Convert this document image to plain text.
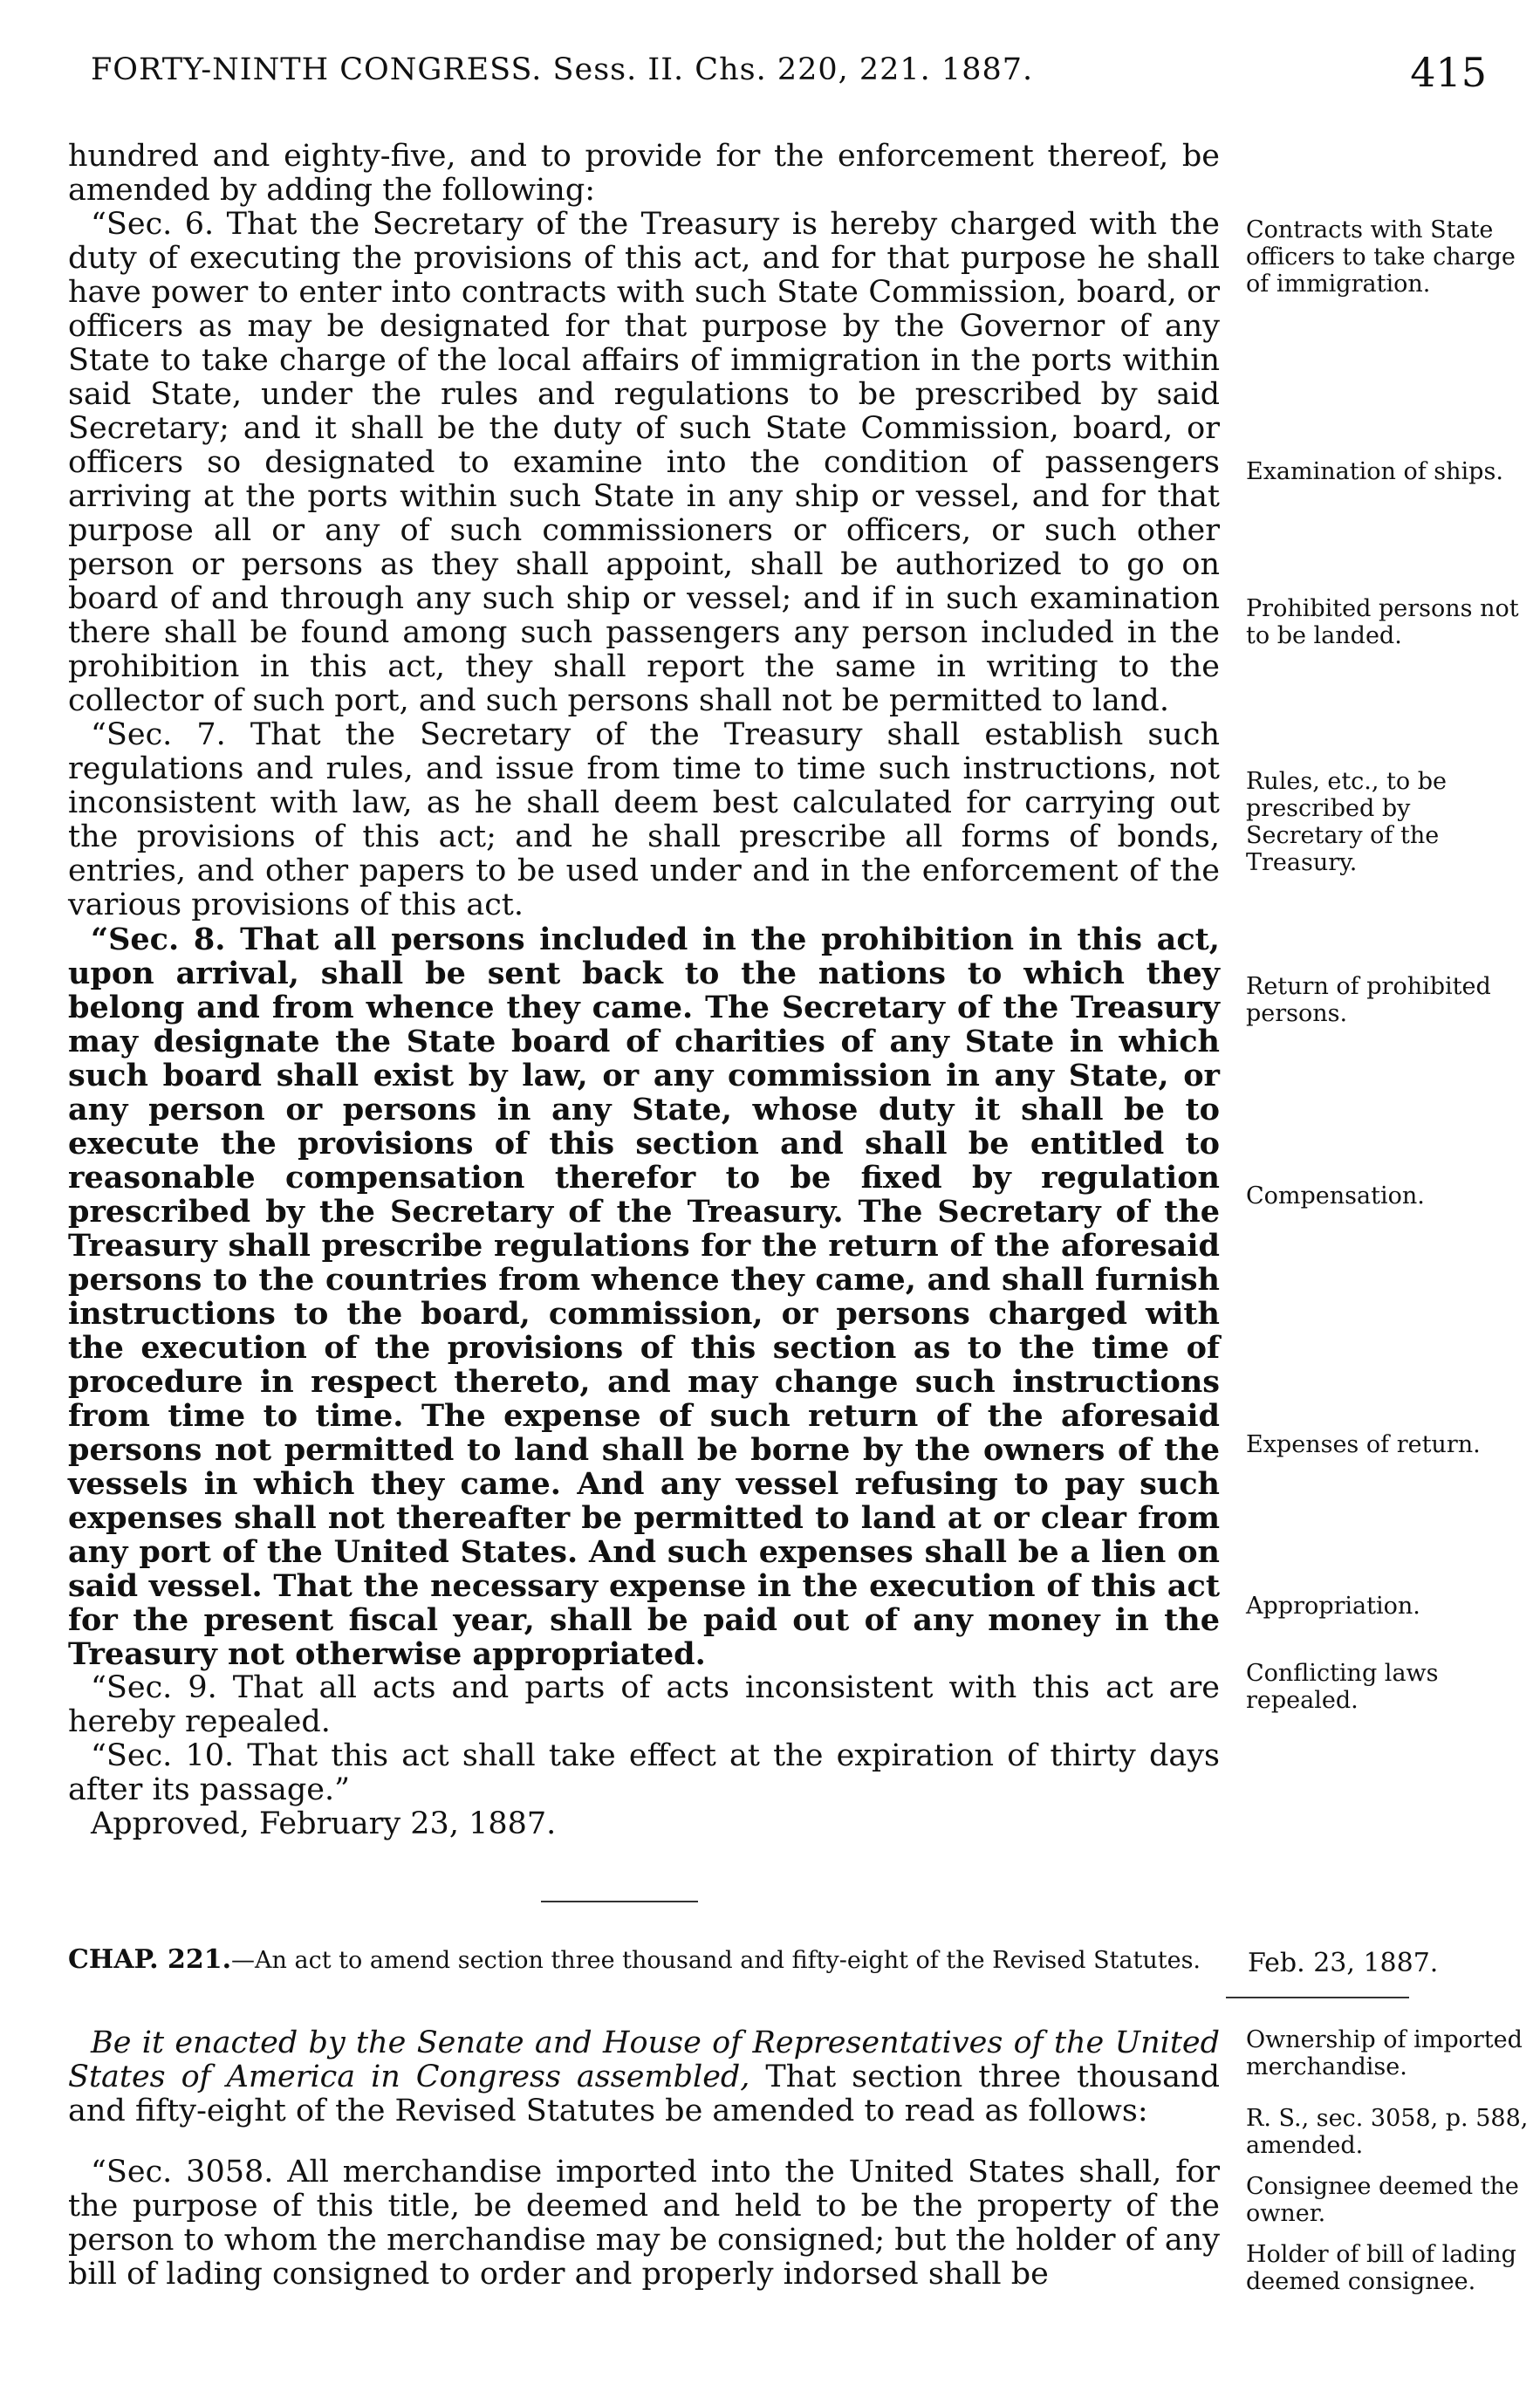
FORTY-NINTH CONGRESS. Sess. II. Chs. 220, 221. 1887.	415

hundred and eighty-five, and to provide for the enforcement thereof, be amended by adding the following:

“Sec. 6. That the Secretary of the Treasury is hereby charged with the duty of executing the provisions of this act, and for that purpose he shall have power to enter into contracts with such State Commission, board, or officers as may be designated for that purpose by the Governor of any State to take charge of the local affairs of immigration in the ports within said State, under the rules and regulations to be prescribed by said Secretary; and it shall be the duty of such State Commission, board, or officers so designated to examine into the condition of passengers arriving at the ports within such State in any ship or vessel, and for that purpose all or any of such commissioners or officers, or such other person or persons as they shall appoint, shall be authorized to go on board of and through any such ship or vessel; and if in such examination there shall be found among such passengers any person included in the prohibition in this act, they shall report the same in writing to the collector of such port, and such persons shall not be permitted to land.

“Sec. 7. That the Secretary of the Treasury shall establish such regulations and rules, and issue from time to time such instructions, not inconsistent with law, as he shall deem best calculated for carrying out the provisions of this act; and he shall prescribe all forms of bonds, entries, and other papers to be used under and in the enforcement of the various provisions of this act.

“Sec. 8. That all persons included in the prohibition in this act, upon arrival, shall be sent back to the nations to which they belong and from whence they came. The Secretary of the Treasury may designate the State board of charities of any State in which such board shall exist by law, or any commission in any State, or any person or persons in any State, whose duty it shall be to execute the provisions of this section and shall be entitled to reasonable compensation therefor to be fixed by regulation prescribed by the Secretary of the Treasury. The Secretary of the Treasury shall prescribe regulations for the return of the aforesaid persons to the countries from whence they came, and shall furnish instructions to the board, commission, or persons charged with the execution of the provisions of this section as to the time of procedure in respect thereto, and may change such instructions from time to time. The expense of such return of the aforesaid persons not permitted to land shall be borne by the owners of the vessels in which they came. And any vessel refusing to pay such expenses shall not thereafter be permitted to land at or clear from any port of the United States. And such expenses shall be a lien on said vessel. That the necessary expense in the execution of this act for the present fiscal year, shall be paid out of any money in the Treasury not otherwise appropriated.

“Sec. 9. That all acts and parts of acts inconsistent with this act are hereby repealed.

“Sec. 10. That this act shall take effect at the expiration of thirty days after its passage.”

Approved, February 23, 1887.

Contracts with State officers to take charge of immigration.
Examination of ships.
Prohibited persons not to be landed.
Rules, etc., to be prescribed by Secretary of the Treasury.
Return of prohibited persons.
Compensation.
Expenses of return.
Appropriation.
Conflicting laws repealed.
CHAP. 221.—An act to amend section three thousand and fifty-eight of the Revised Statutes.	Feb. 23, 1887.

Be it enacted by the Senate and House of Representatives of the United States of America in Congress assembled, That section three thousand and fifty-eight of the Revised Statutes be amended to read as follows:

“Sec. 3058. All merchandise imported into the United States shall, for the purpose of this title, be deemed and held to be the property of the person to whom the merchandise may be consigned; but the holder of any bill of lading consigned to order and properly indorsed shall be

Ownership of imported merchandise.
R. S., sec. 3058, p. 588, amended.
Consignee deemed the owner.
Holder of bill of lading deemed consignee.
